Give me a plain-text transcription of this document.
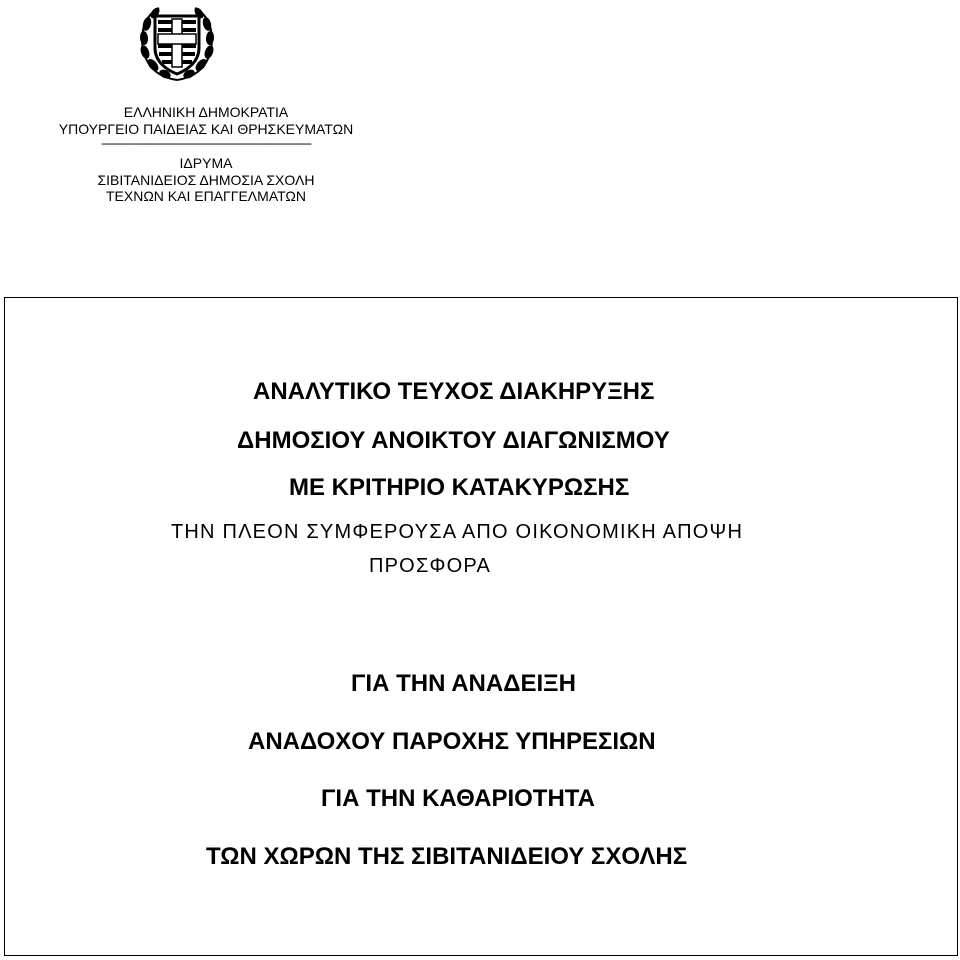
ΕΛΛΗΝΙΚΗ ΔΗΜΟΚΡΑΤΙΑ
ΥΠΟΥΡΓΕΙΟ ΠΑΙΔΕΙΑΣ ΚΑΙ ΘΡΗΣΚΕΥΜΑΤΩΝ
---------------------------------------------------------------------------
ΙΔΡΥΜΑ
ΣΙΒΙΤΑΝΙΔΕΙΟΣ ΔΗΜΟΣΙΑ ΣΧΟΛΗ
ΤΕΧΝΩΝ ΚΑΙ ΕΠΑΓΓΕΛΜΑΤΩΝ
ΑΝΑΛΥΤΙΚΟ ΤΕΥΧΟΣ ΔΙΑΚΗΡΥΞΗΣ
ΔΗΜΟΣΙΟΥ ΑΝΟΙΚΤΟΥ ΔΙΑΓΩΝΙΣΜΟΥ
ΜΕ ΚΡΙΤΗΡΙΟ ΚΑΤΑΚΥΡΩΣΗΣ
ΤΗΝ ΠΛΕΟΝ ΣΥΜΦΕΡΟΥΣΑ ΑΠΟ ΟΙΚΟΝΟΜΙΚΗ ΑΠΟΨΗ
ΠΡΟΣΦΟΡΑ
ΓΙΑ ΤΗΝ ΑΝΑΔΕΙΞΗ
ΑΝΑΔΟΧΟΥ ΠΑΡΟΧΗΣ ΥΠΗΡΕΣΙΩΝ
ΓΙΑ ΤΗΝ ΚΑΘΑΡΙΟΤΗΤΑ
ΤΩΝ ΧΩΡΩΝ ΤΗΣ ΣΙΒΙΤΑΝΙΔΕΙΟΥ ΣΧΟΛΗΣ
